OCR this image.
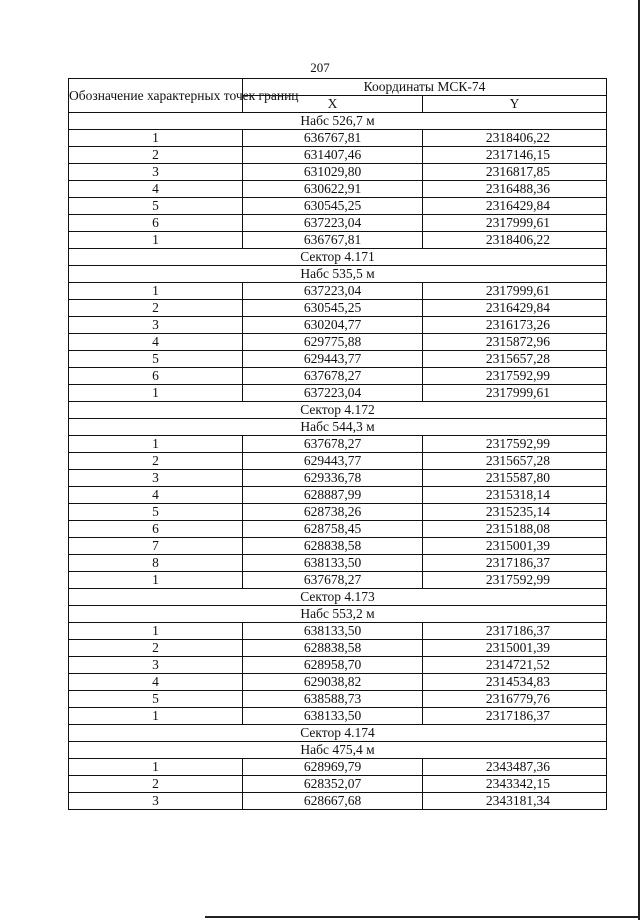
207
Обозначение характерных точек границ	Координаты МСК-74	
	X	Y
Набс 526,7 м		
1	636767,81	2318406,22
2	631407,46	2317146,15
3	631029,80	2316817,85
4	630622,91	2316488,36
5	630545,25	2316429,84
6	637223,04	2317999,61
1	636767,81	2318406,22
Сектор 4.171		
Набс 535,5 м		
1	637223,04	2317999,61
2	630545,25	2316429,84
3	630204,77	2316173,26
4	629775,88	2315872,96
5	629443,77	2315657,28
6	637678,27	2317592,99
1	637223,04	2317999,61
Сектор 4.172		
Набс 544,3 м		
1	637678,27	2317592,99
2	629443,77	2315657,28
3	629336,78	2315587,80
4	628887,99	2315318,14
5	628738,26	2315235,14
6	628758,45	2315188,08
7	628838,58	2315001,39
8	638133,50	2317186,37
1	637678,27	2317592,99
Сектор 4.173		
Набс 553,2 м		
1	638133,50	2317186,37
2	628838,58	2315001,39
3	628958,70	2314721,52
4	629038,82	2314534,83
5	638588,73	2316779,76
1	638133,50	2317186,37
Сектор 4.174		
Набс 475,4 м		
1	628969,79	2343487,36
2	628352,07	2343342,15
3	628667,68	2343181,34
